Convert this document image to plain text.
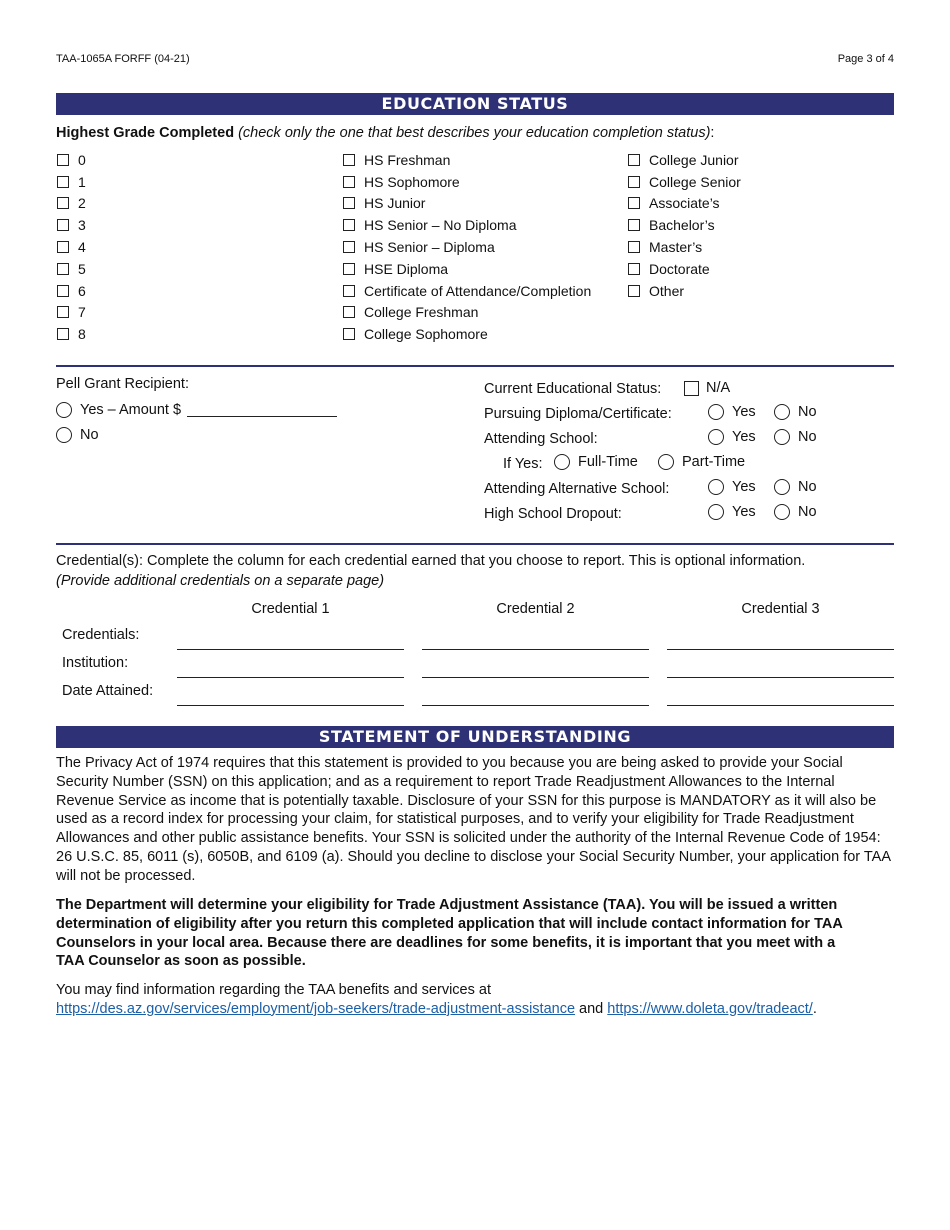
TAA-1065A FORFF (04-21)	Page 3 of 4
EDUCATION STATUS
Highest Grade Completed (check only the one that best describes your education completion status):
0
1
2
3
4
5
6
7
8
HS Freshman
HS Sophomore
HS Junior
HS Senior – No Diploma
HS Senior – Diploma
HSE Diploma
Certificate of Attendance/Completion
College Freshman
College Sophomore
College Junior
College Senior
Associate’s
Bachelor’s
Master’s
Doctorate
Other
Pell Grant Recipient:
Yes – Amount $
No
Current Educational Status:	N/A
Pursuing Diploma/Certificate:	Yes	No
Attending School:	Yes	No
If Yes: Full-Time	Part-Time
Attending Alternative School:	Yes	No
High School Dropout:	Yes	No
Credential(s): Complete the column for each credential earned that you choose to report. This is optional information.
(Provide additional credentials on a separate page)
Credential 1	Credential 2	Credential 3
Credentials:
Institution:
Date Attained:
STATEMENT OF UNDERSTANDING
The Privacy Act of 1974 requires that this statement is provided to you because you are being asked to provide your Social Security Number (SSN) on this application; and as a requirement to report Trade Readjustment Allowances to the Internal Revenue Service as income that is potentially taxable. Disclosure of your SSN for this purpose is MANDATORY as it will also be used as a record index for processing your claim, for statistical purposes, and to verify your eligibility for Trade Readjustment Allowances and other public assistance benefits. Your SSN is solicited under the authority of the Internal Revenue Code of 1954: 26 U.S.C. 85, 6011 (s), 6050B, and 6109 (a). Should you decline to disclose your Social Security Number, your application for TAA will not be processed.
The Department will determine your eligibility for Trade Adjustment Assistance (TAA). You will be issued a written determination of eligibility after you return this completed application that will include contact information for TAA Counselors in your local area. Because there are deadlines for some benefits, it is important that you meet with a TAA Counselor as soon as possible.
You may find information regarding the TAA benefits and services at
https://des.az.gov/services/employment/job-seekers/trade-adjustment-assistance and https://www.doleta.gov/tradeact/.
